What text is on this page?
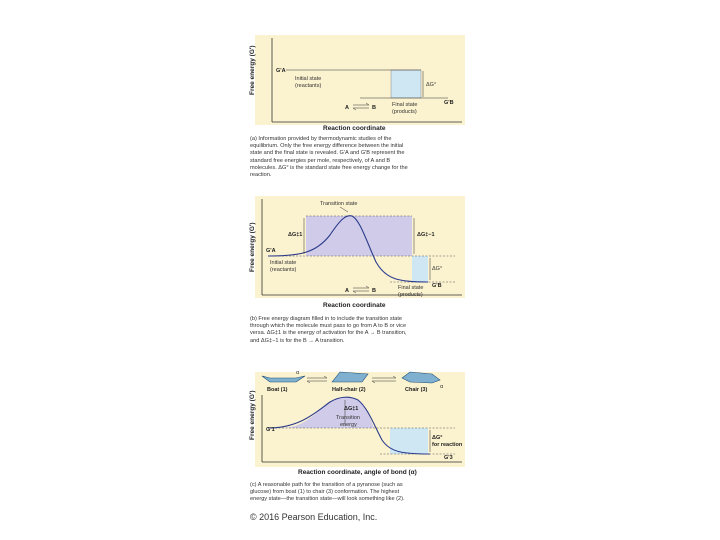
Free energy (G')	G'A
G'B
ΔG°
Initial state
(reactants)
Final state
(products)
A	B
Reaction coordinate
(a) Information provided by thermodynamic studies of the
equilibrium. Only the free energy difference between the initial
state and the final state is revealed. G'A and G'B represent the
standard free energies per mole, respectively, of A and B
molecules. ΔG° is the standard state free energy change for the
reaction.
Free energy (G')
Transition state
ΔG‡1	ΔG‡−1
ΔG°
G'A
G'B
Initial state
(reactants)
Final state
(products)
A	B
Reaction coordinate
(b) Free energy diagram filled in to include the transition state
through which the molecule must pass to go from A to B or vice
versa. ΔG‡1 is the energy of activation for the A → B transition,
and ΔG‡−1 is for the B → A transition.
Free energy (G')
Boat (1)	Half-chair (2)	Chair (3)
α
α
ΔG‡1
Transition
energy
G'1
G'3
ΔG°
for reaction
Reaction coordinate, angle of bond (α)
(c) A reasonable path for the transition of a pyranose (such as
glucose) from boat (1) to chair (3) conformation. The highest
energy state—the transition state—will look something like (2).
© 2016 Pearson Education, Inc.
